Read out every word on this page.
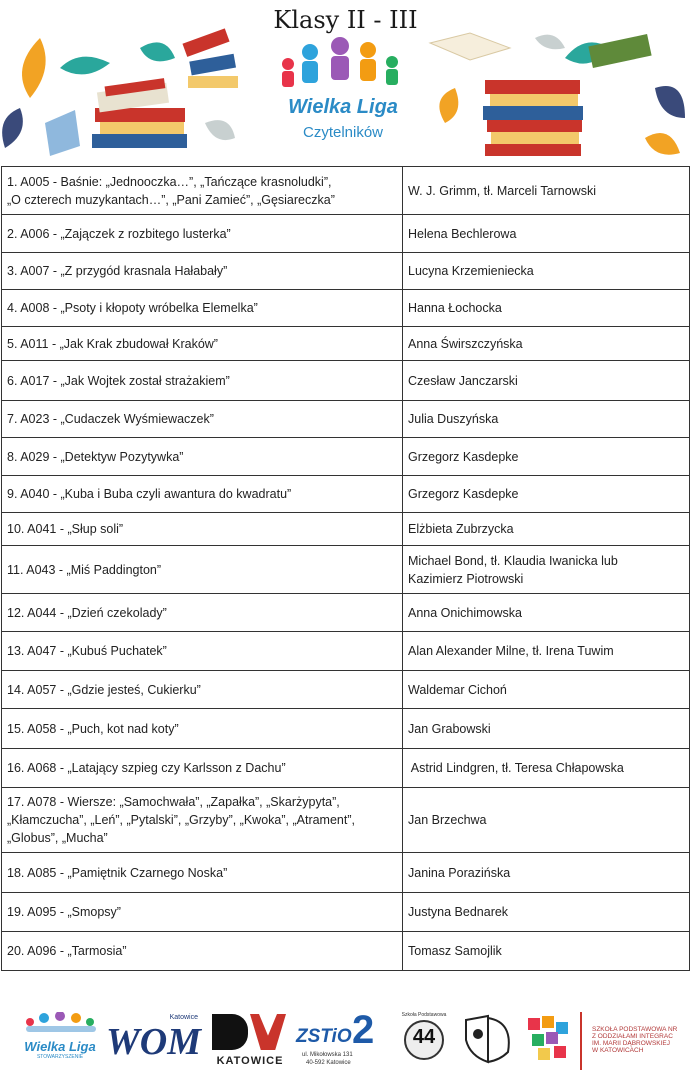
Klasy II - III
Wielka Liga
Czytelników
1. A005 - Baśnie: „Jednooczka…”, „Tańczące krasnoludki”,
„O czterech muzykantach…”, „Pani Zamieć”, „Gęsiareczka”	W. J. Grimm, tł. Marceli Tarnowski

2. A006 - „Zajączek z rozbitego lusterka”	Helena Bechlerowa

3. A007 - „Z przygód krasnala Hałabały”	Lucyna Krzemieniecka

4. A008 - „Psoty i kłopoty wróbelka Elemelka”	Hanna Łochocka

5. A011 - „Jak Krak zbudował Kraków”	Anna Świrszczyńska

6. A017 - „Jak Wojtek został strażakiem”	Czesław Janczarski

7. A023 - „Cudaczek Wyśmiewaczek”	Julia Duszyńska

8. A029 - „Detektyw Pozytywka”	Grzegorz Kasdepke

9. A040 - „Kuba i Buba czyli awantura do kwadratu”	Grzegorz Kasdepke

10. A041 - „Słup soli”	Elżbieta Zubrzycka

11. A043 - „Miś Paddington”	Michael Bond, tł. Klaudia Iwanicka lub
Kazimierz Piotrowski

12. A044 - „Dzień czekolady”	Anna Onichimowska

13. A047 - „Kubuś Puchatek”	Alan Alexander Milne, tł. Irena Tuwim

14. A057 - „Gdzie jesteś, Cukierku”	Waldemar Cichoń

15. A058 - „Puch, kot nad koty”	Jan Grabowski

16. A068 - „Latający szpieg czy Karlsson z Dachu”	Astrid Lindgren, tł. Teresa Chłapowska

17. A078 - Wiersze: „Samochwała”, „Zapałka”, „Skarżypyta”,
„Kłamczucha”, „Leń”, „Pytalski”, „Grzyby”, „Kwoka”, „Atrament”,
„Globus”, „Mucha”	Jan Brzechwa

18. A085 - „Pamiętnik Czarnego Noska”	Janina Porazińska

19. A095 - „Smopsy”	Justyna Bednarek

20. A096 - „Tarmosia”	Tomasz Samojlik
Wielka Liga
STOWARZYSZENIE
Katowice
WOM	KATOWICE
ZSTiO 2
ul. Mikołowska 131
40-592 Katowice
Szkoła Podstawowa
44	SZKOŁA PODSTAWOWA NR
Z ODDZIAŁAMI INTEGRAC
IM. MARII DĄBROWSKIEJ
W KATOWICACH
